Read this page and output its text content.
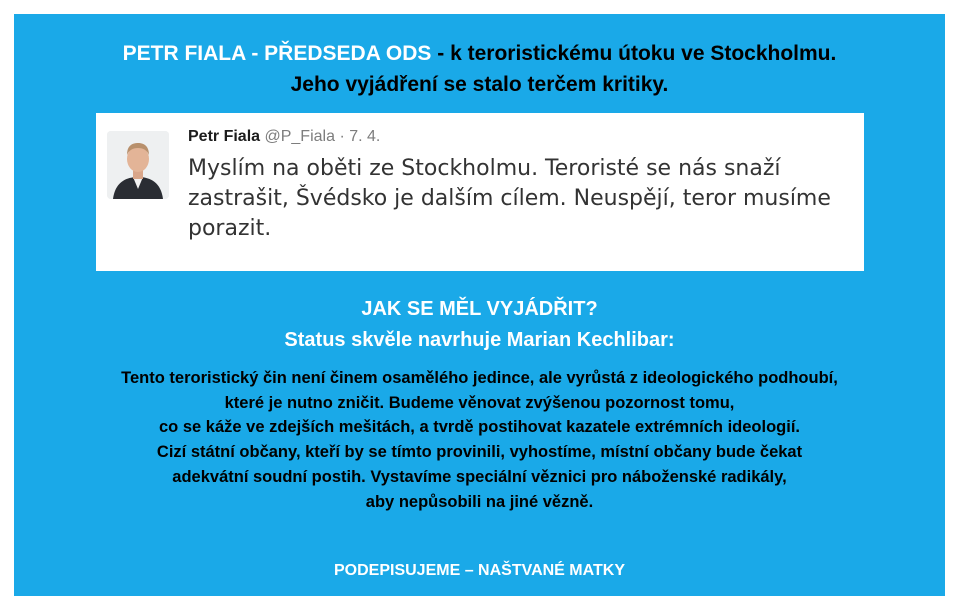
PETR FIALA - PŘEDSEDA ODS - k teroristickému útoku ve Stockholmu.
Jeho vyjádření se stalo terčem kritiky.
Petr Fiala @P_Fiala · 7. 4.
Myslím na oběti ze Stockholmu. Teroristé se nás snaží zastrašit, Švédsko je dalším cílem. Neuspějí, teror musíme porazit.
JAK SE MĚL VYJÁDŘIT?
Status skvěle navrhuje Marian Kechlibar:
Tento teroristický čin není činem osamělého jedince, ale vyrůstá z ideologického podhoubí,
které je nutno zničit. Budeme věnovat zvýšenou pozornost tomu,
co se káže ve zdejších mešitách, a tvrdě postihovat kazatele extrémních ideologií.
Cizí státní občany, kteří by se tímto provinili, vyhostíme, místní občany bude čekat
adekvátní soudní postih. Vystavíme speciální věznici pro náboženské radikály,
aby nepůsobili na jiné vězně.
PODEPISUJEME – NAŠTVANÉ MATKY
